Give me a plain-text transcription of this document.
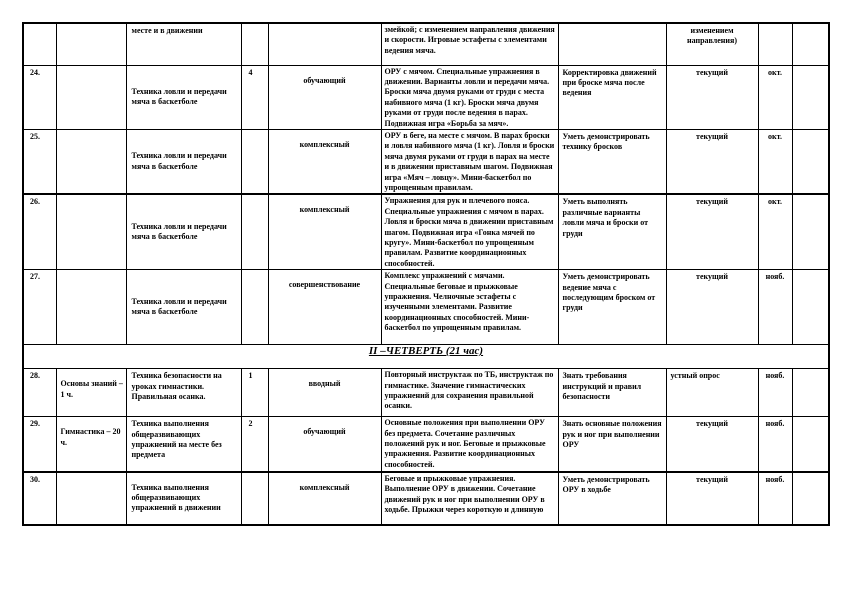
		месте и в движении			змейкой; с изменением направления движения и скорости. Игровые эстафеты с элементами ведения мяча.		изменением направления)		
24.		Техника ловли и передачи мяча в баскетболе	4	обучающий	ОРУ с мячом. Специальные упражнения в движении. Варианты ловли и передачи мяча. Броски мяча двумя руками от груди с места набивного мяча (1 кг). Броски мяча двумя руками от груди после ведения в парах. Подвижная игра «Борьба за мяч».	Корректировка движений при броске мяча после ведения	текущий	окт.	
25.		Техника ловли и передачи мяча в баскетболе		комплексный	ОРУ в беге, на месте с мячом. В парах броски и ловля набивного мяча (1 кг). Ловля и броски мяча двумя руками от груди в парах на месте и в движении приставным шагом. Подвижная игра «Мяч – ловцу». Мини-баскетбол по упрощенным правилам.	Уметь демонстрировать технику бросков	текущий	окт.	
26.		Техника ловли и передачи мяча в баскетболе		комплексный	Упражнения для рук и плечевого пояса. Специальные упражнения с мячом в парах. Ловля и броски мяча в движении приставным шагом. Подвижная игра «Гонка мячей по кругу». Мини-баскетбол по упрощенным правилам. Развитие координационных способностей.	Уметь выполнять различные варианты ловли мяча и броски от груди	текущий	окт.	
27.		Техника ловли и передачи мяча в баскетболе		совершенствование	Комплекс упражнений с мячами. Специальные беговые и прыжковые упражнения. Челночные эстафеты с изученными элементами. Развитие координационных способностей. Мини-баскетбол по упрощенным правилам.	Уметь демонстрировать ведение мяча с последующим броском от груди	текущий	нояб.	
II –ЧЕТВЕРТЬ (21 час)									
28.	Основы знаний – 1 ч.	Техника безопасности на уроках гимнастики. Правильная осанка.	1	вводный	Повторный инструктаж по ТБ, инструктаж по гимнастике. Значение гимнастических упражнений для сохранения правильной осанки.	Знать требования инструкций и правил безопасности	устный опрос	нояб.	
29.	Гимнастика – 20 ч.	Техника выполнения общеразвивающих упражнений на месте без предмета	2	обучающий	Основные положения при выполнении ОРУ без предмета. Сочетание различных положений рук и ног. Беговые и прыжковые упражнения. Развитие координационных способностей.	Знать основные положения рук и ног при выполнении ОРУ	текущий	нояб.	
30.		Техника выполнения общеразвивающих упражнений в движении		комплексный	Беговые и прыжковые упражнения. Выполнение ОРУ в движении. Сочетание движений рук и ног при выполнении ОРУ в ходьбе. Прыжки через короткую и длинную	Уметь демонстрировать ОРУ в ходьбе	текущий	нояб.	
